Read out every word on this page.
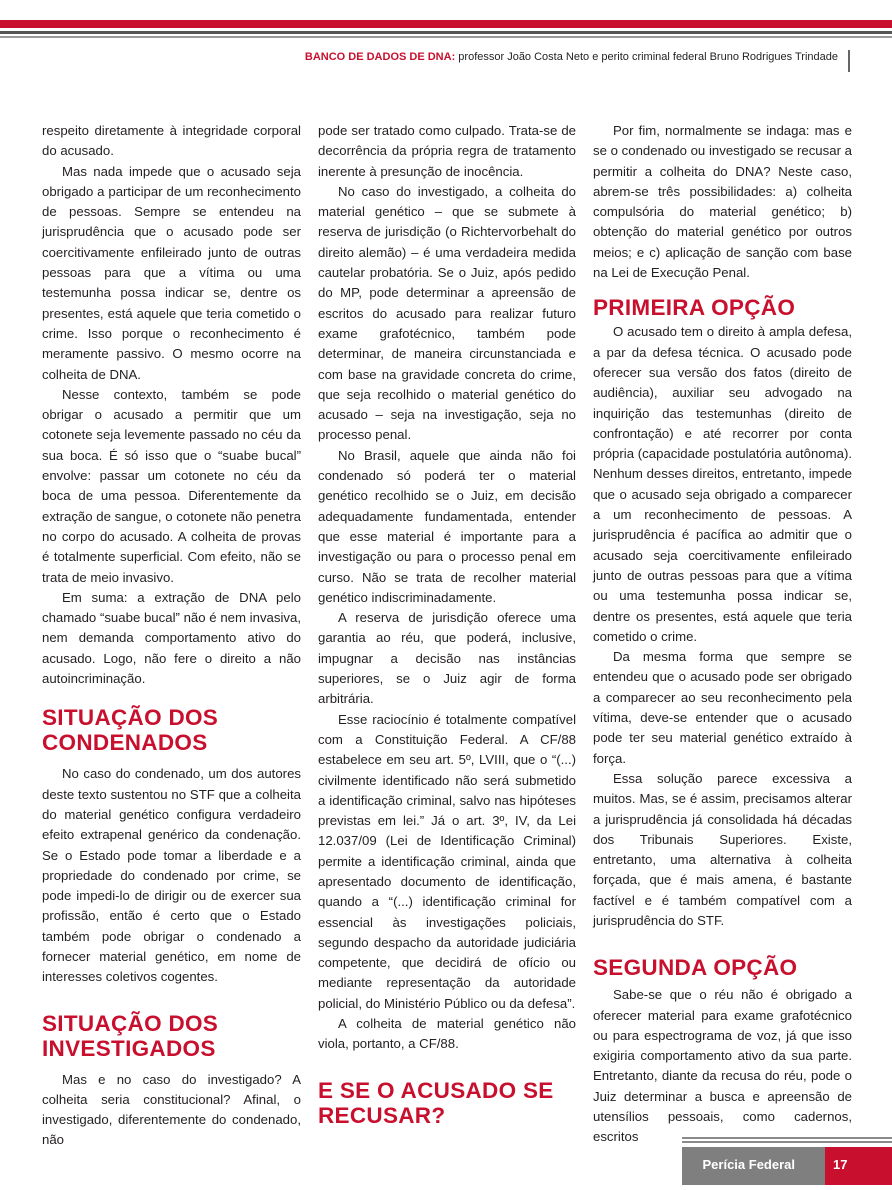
BANCO DE DADOS DE DNA: professor João Costa Neto e perito criminal federal Bruno Rodrigues Trindade

respeito diretamente à integridade corporal do acusado.

Mas nada impede que o acusado seja obrigado a participar de um reconhecimento de pessoas. Sempre se entendeu na jurisprudência que o acusado pode ser coercitivamente enfileirado junto de outras pessoas para que a vítima ou uma testemunha possa indicar se, dentre os presentes, está aquele que teria cometido o crime. Isso porque o reconhecimento é meramente passivo. O mesmo ocorre na colheita de DNA.

Nesse contexto, também se pode obrigar o acusado a permitir que um cotonete seja levemente passado no céu da sua boca. É só isso que o “suabe bucal” envolve: passar um cotonete no céu da boca de uma pessoa. Diferentemente da extração de sangue, o cotonete não penetra no corpo do acusado. A colheita de provas é totalmente superficial. Com efeito, não se trata de meio invasivo.

Em suma: a extração de DNA pelo chamado “suabe bucal” não é nem invasiva, nem demanda comportamento ativo do acusado. Logo, não fere o direito a não autoincriminação.

SITUAÇÃO DOS CONDENADOS

No caso do condenado, um dos autores deste texto sustentou no STF que a colheita do material genético configura verdadeiro efeito extrapenal genérico da condenação. Se o Estado pode tomar a liberdade e a propriedade do condenado por crime, se pode impedi-lo de dirigir ou de exercer sua profissão, então é certo que o Estado também pode obrigar o condenado a fornecer material genético, em nome de interesses coletivos cogentes.

SITUAÇÃO DOS INVESTIGADOS

Mas e no caso do investigado? A colheita seria constitucional? Afinal, o investigado, diferentemente do condenado, não

pode ser tratado como culpado. Trata-se de decorrência da própria regra de tratamento inerente à presunção de inocência.

No caso do investigado, a colheita do material genético – que se submete à reserva de jurisdição (o Richtervorbehalt do direito alemão) – é uma verdadeira medida cautelar probatória. Se o Juiz, após pedido do MP, pode determinar a apreensão de escritos do acusado para realizar futuro exame grafotécnico, também pode determinar, de maneira circunstanciada e com base na gravidade concreta do crime, que seja recolhido o material genético do acusado – seja na investigação, seja no processo penal.

No Brasil, aquele que ainda não foi condenado só poderá ter o material genético recolhido se o Juiz, em decisão adequadamente fundamentada, entender que esse material é importante para a investigação ou para o processo penal em curso. Não se trata de recolher material genético indiscriminadamente.

A reserva de jurisdição oferece uma garantia ao réu, que poderá, inclusive, impugnar a decisão nas instâncias superiores, se o Juiz agir de forma arbitrária.

Esse raciocínio é totalmente compatível com a Constituição Federal. A CF/88 estabelece em seu art. 5º, LVIII, que o “(...) civilmente identificado não será submetido a identificação criminal, salvo nas hipóteses previstas em lei.” Já o art. 3º, IV, da Lei 12.037/09 (Lei de Identificação Criminal) permite a identificação criminal, ainda que apresentado documento de identificação, quando a “(...) identificação criminal for essencial às investigações policiais, segundo despacho da autoridade judiciária competente, que decidirá de ofício ou mediante representação da autoridade policial, do Ministério Público ou da defesa”.

A colheita de material genético não viola, portanto, a CF/88.

E SE O ACUSADO SE RECUSAR?

Por fim, normalmente se indaga: mas e se o condenado ou investigado se recusar a permitir a colheita do DNA? Neste caso, abrem-se três possibilidades: a) colheita compulsória do material genético; b) obtenção do material genético por outros meios; e c) aplicação de sanção com base na Lei de Execução Penal.

PRIMEIRA OPÇÃO

O acusado tem o direito à ampla defesa, a par da defesa técnica. O acusado pode oferecer sua versão dos fatos (direito de audiência), auxiliar seu advogado na inquirição das testemunhas (direito de confrontação) e até recorrer por conta própria (capacidade postulatória autônoma). Nenhum desses direitos, entretanto, impede que o acusado seja obrigado a comparecer a um reconhecimento de pessoas. A jurisprudência é pacífica ao admitir que o acusado seja coercitivamente enfileirado junto de outras pessoas para que a vítima ou uma testemunha possa indicar se, dentre os presentes, está aquele que teria cometido o crime.

Da mesma forma que sempre se entendeu que o acusado pode ser obrigado a comparecer ao seu reconhecimento pela vítima, deve-se entender que o acusado pode ter seu material genético extraído à força.

Essa solução parece excessiva a muitos. Mas, se é assim, precisamos alterar a jurisprudência já consolidada há décadas dos Tribunais Superiores. Existe, entretanto, uma alternativa à colheita forçada, que é mais amena, é bastante factível e é também compatível com a jurisprudência do STF.

SEGUNDA OPÇÃO

Sabe-se que o réu não é obrigado a oferecer material para exame grafotécnico ou para espectrograma de voz, já que isso exigiria comportamento ativo da sua parte. Entretanto, diante da recusa do réu, pode o Juiz determinar a busca e apreensão de utensílios pessoais, como cadernos, escritos

Perícia Federal	17
